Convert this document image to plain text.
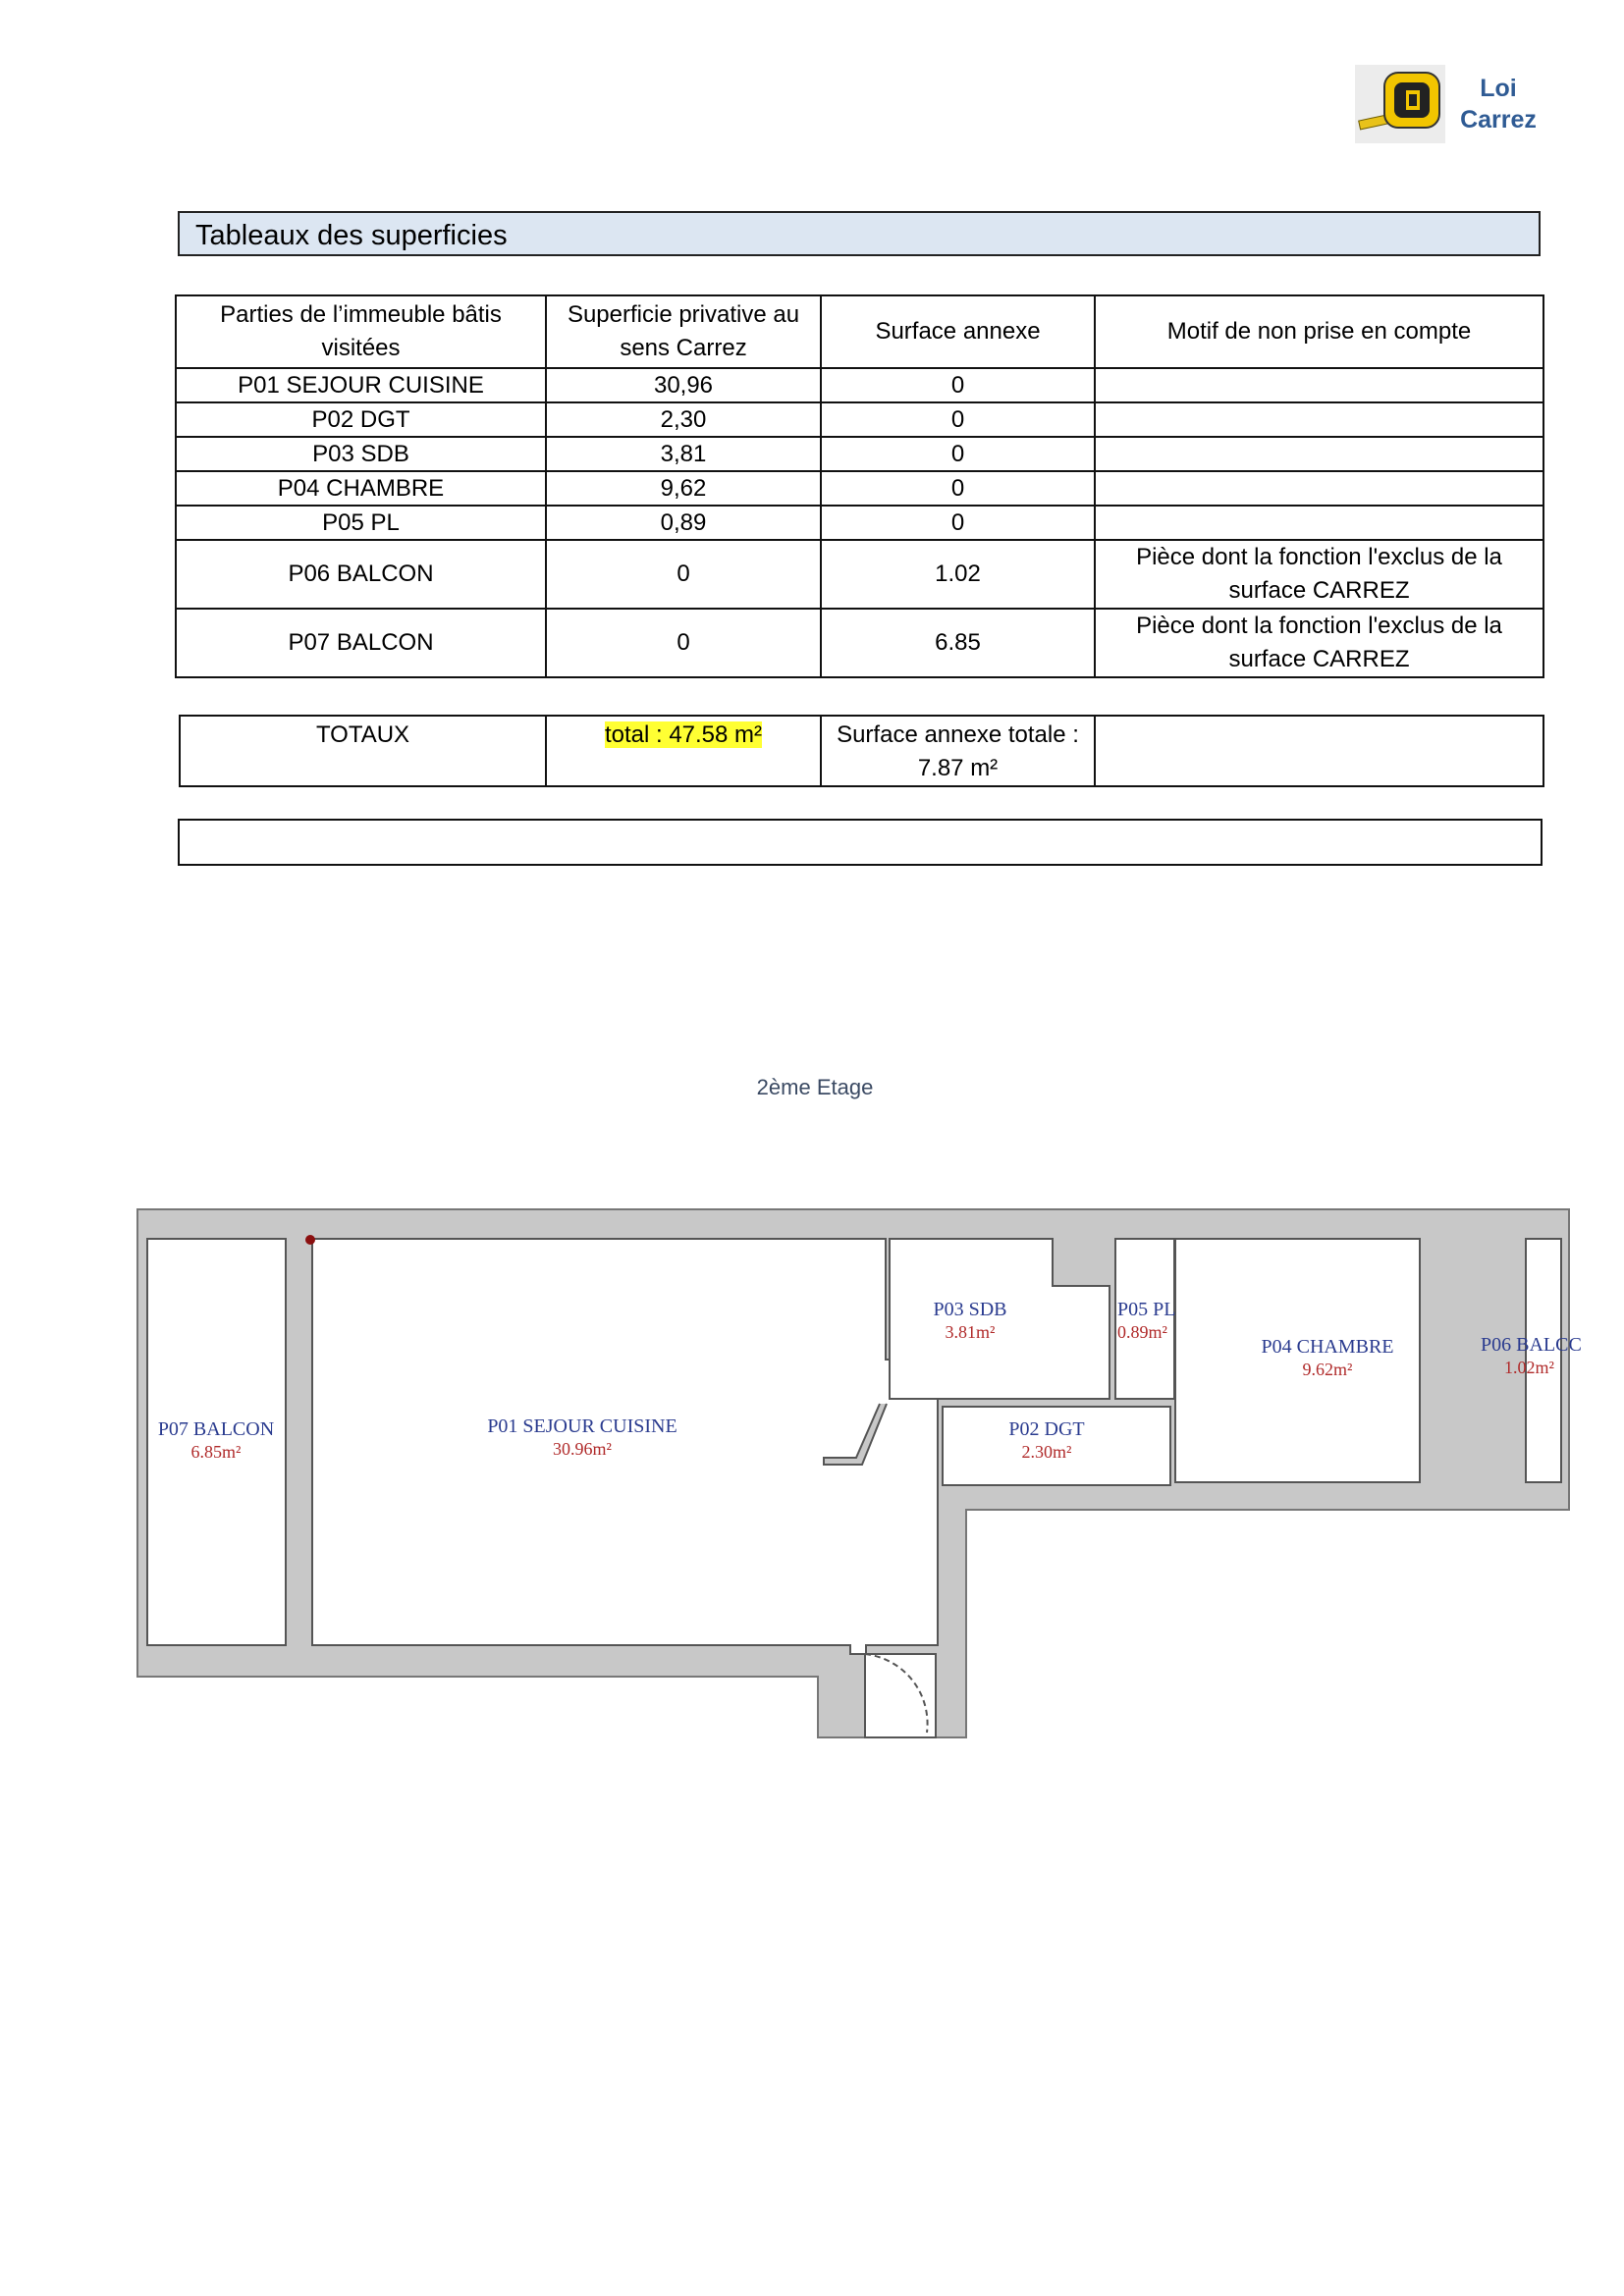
Loi
Carrez
Tableaux des superficies
Parties de l’immeuble bâtis visitées	Superficie privative au sens Carrez	Surface annexe	Motif de non prise en compte
P01 SEJOUR CUISINE	30,96	0	
P02 DGT	2,30	0	
P03 SDB	3,81	0	
P04 CHAMBRE	9,62	0	
P05 PL	0,89	0	
P06 BALCON	0	1.02	Pièce dont la fonction l'exclus de la surface CARREZ
P07 BALCON	0	6.85	Pièce dont la fonction l'exclus de la surface CARREZ
TOTAUX	total : 47.58 m²	Surface annexe totale : 7.87 m²	
2ème Etage
P07 BALCON
6.85m²
P01 SEJOUR CUISINE
30.96m²
P03 SDB
3.81m²
P05 PL
0.89m²
P04 CHAMBRE
9.62m²
P06 BALCC
1.02m²
P02 DGT
2.30m²
